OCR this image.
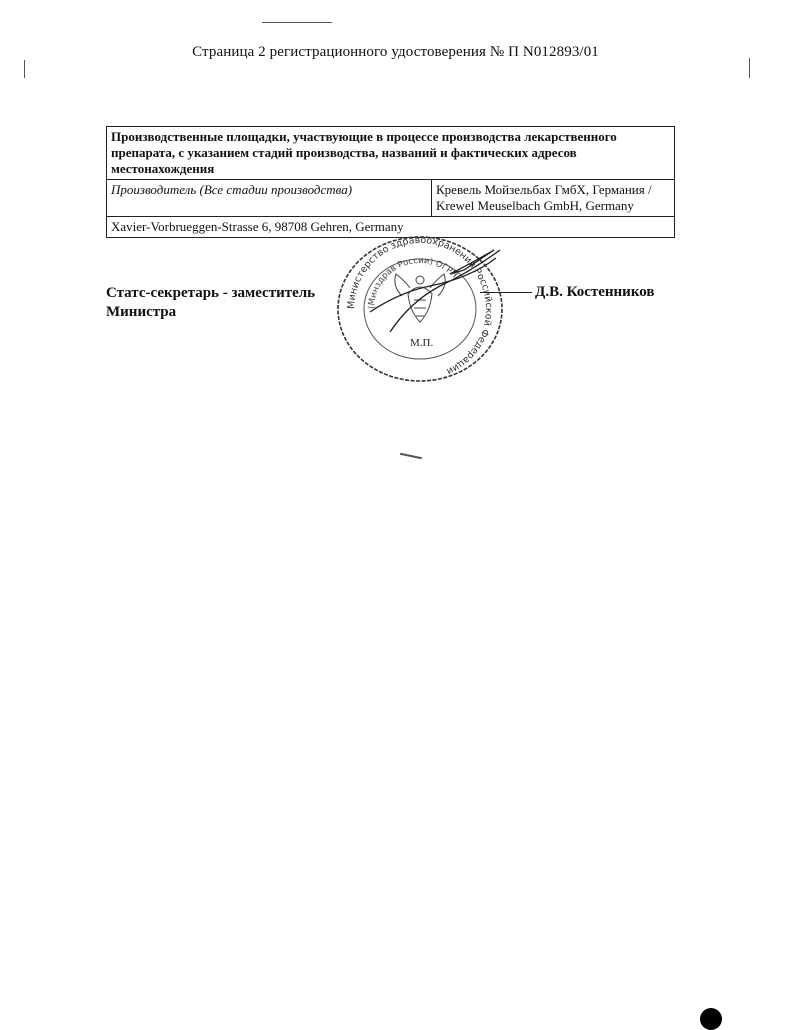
Страница 2 регистрационного удостоверения № П N012893/01
Производственные площадки, участвующие в процессе производства лекарственного препарата, с указанием стадий производства, названий и фактических адресов местонахождения
Производитель (Все стадии производства)	Кревель Мойзельбах ГмбХ, Германия /
Krewel Meuselbach GmbH, Germany

Xavier-Vorbrueggen-Strasse 6, 98708 Gehren, Germany
Статс-секретарь - заместитель
Министра	Министерство здравоохранения Росс йской Федерации
(Минздрав России) ОГРН
М.П.
Д.В. Костенников
